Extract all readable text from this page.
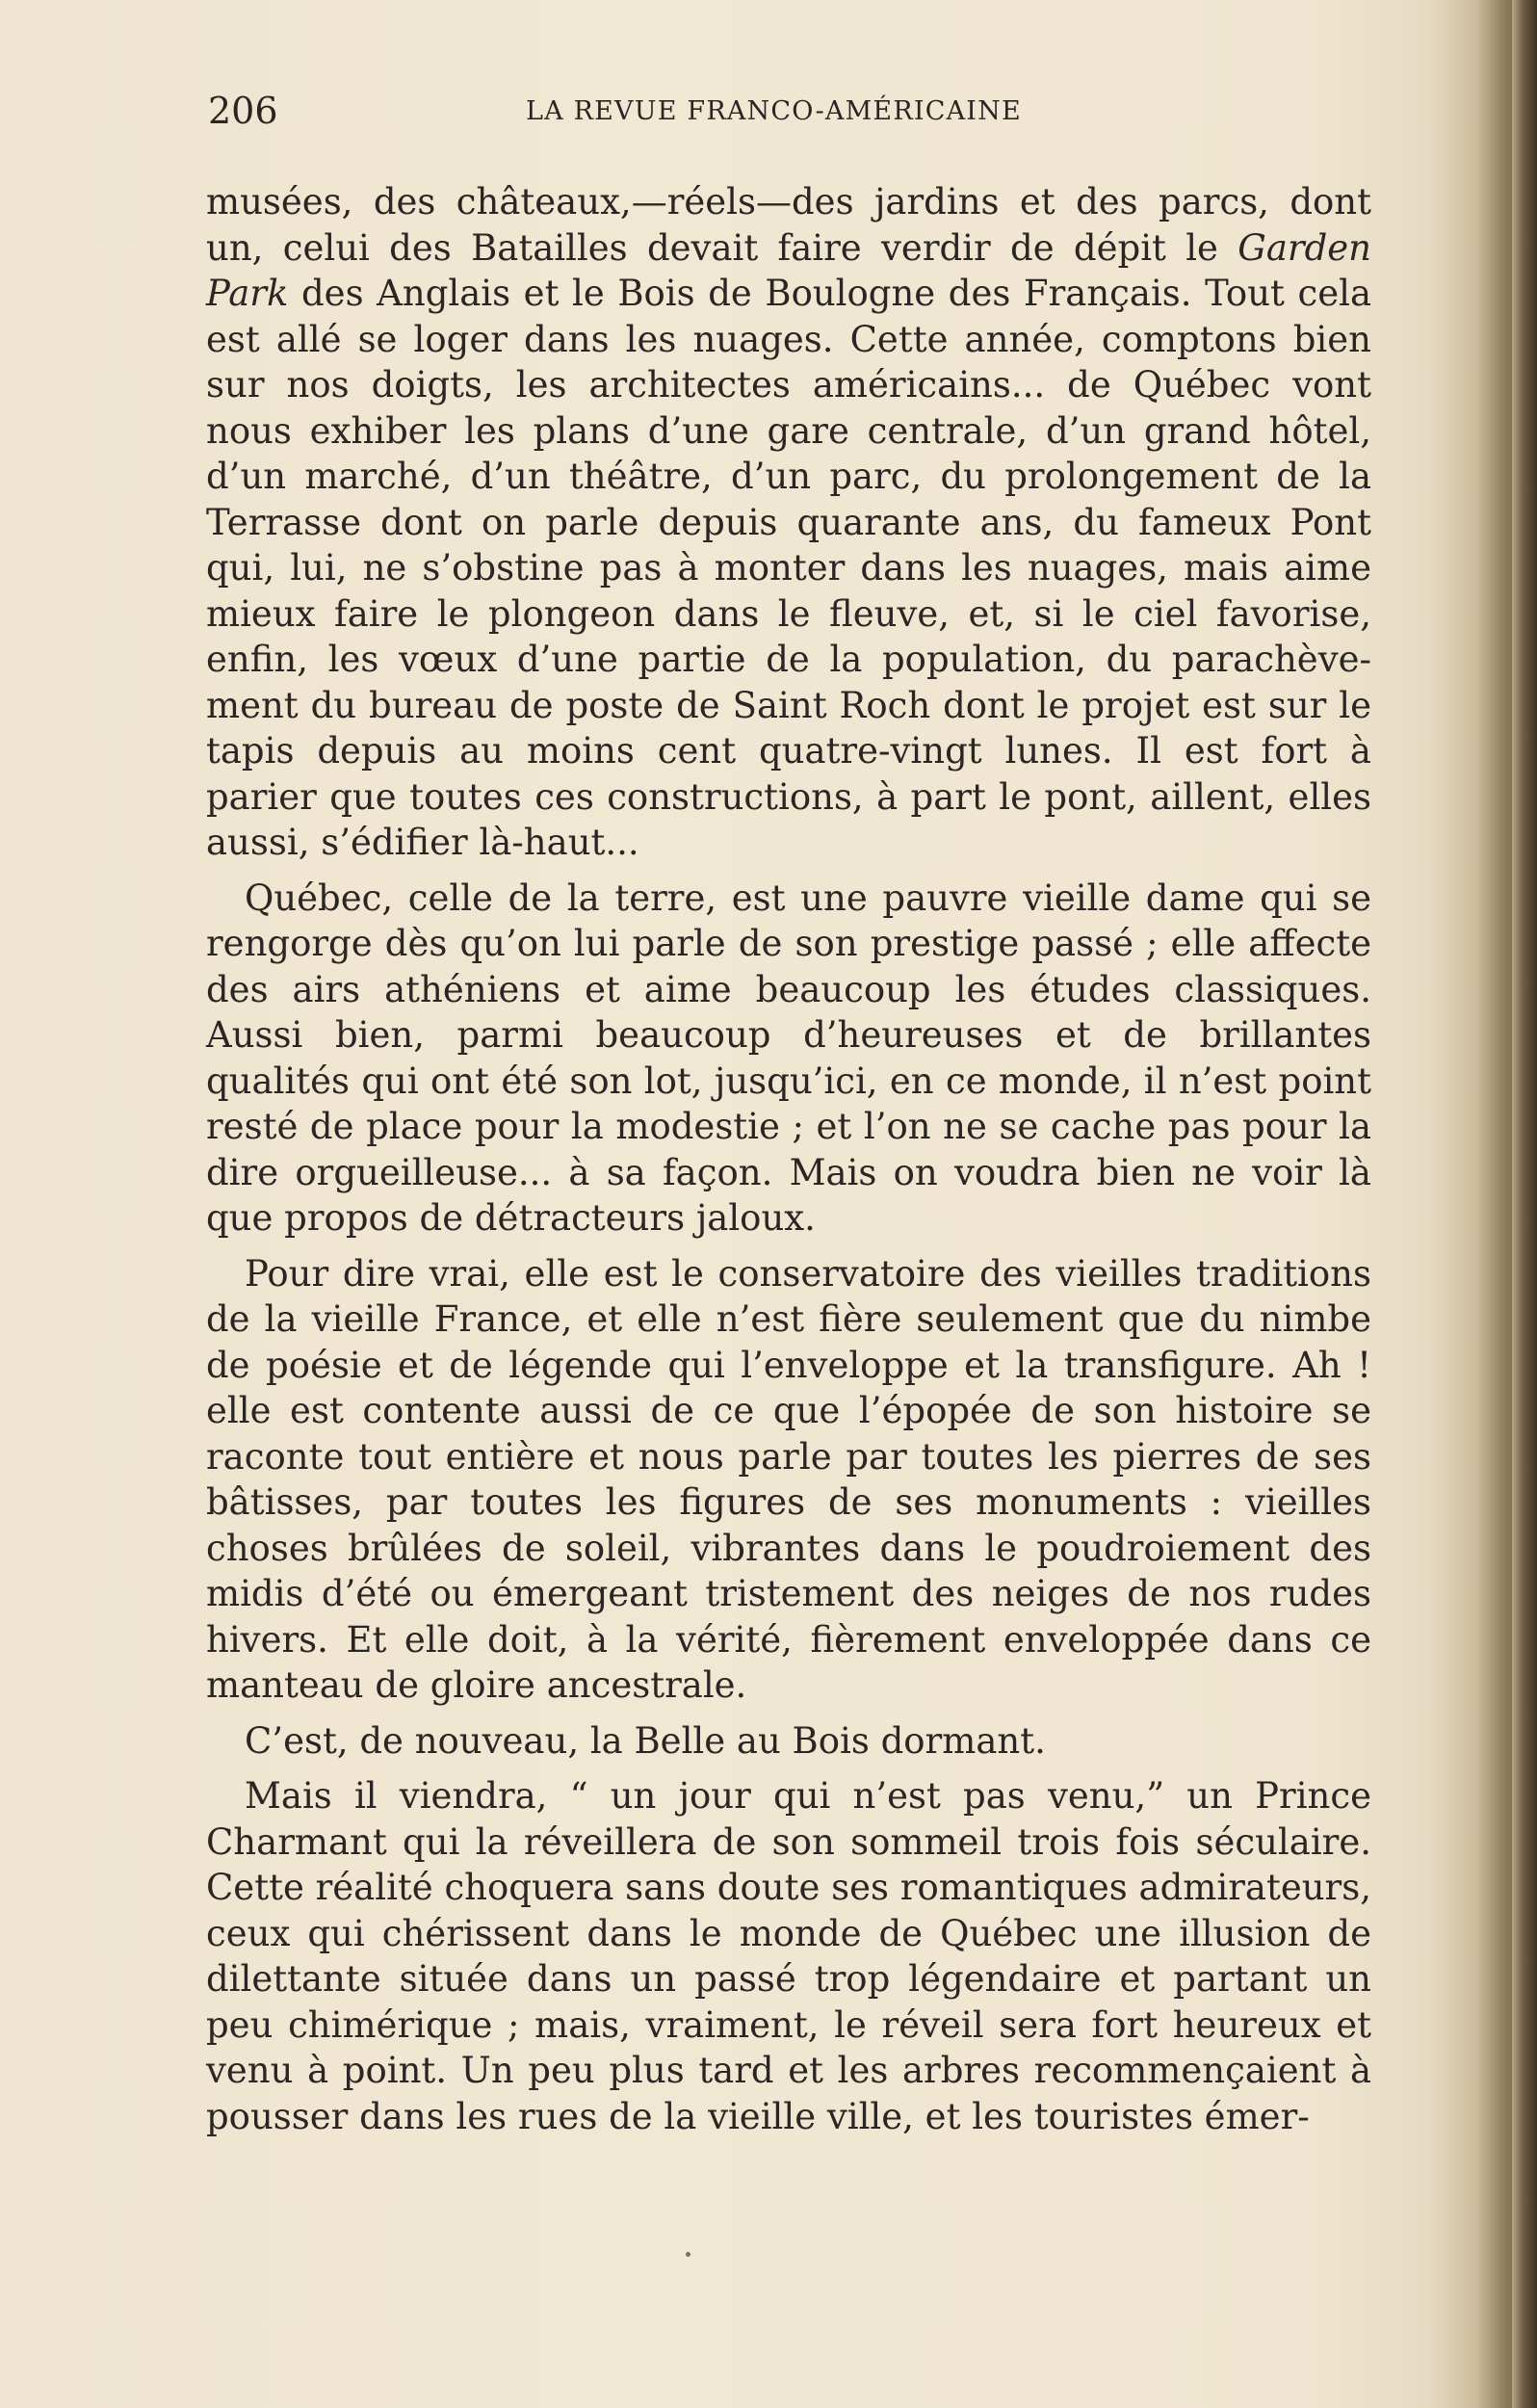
206	LA REVUE FRANCO-AMÉRICAINE

musées, des châteaux,—réels—des jardins et des parcs, dont un, celui des Batailles devait faire verdir de dépit le Garden Park des Anglais et le Bois de Boulogne des Français. Tout cela est allé se loger dans les nuages. Cette année, comptons bien sur nos doigts, les architectes américains... de Québec vont nous exhiber les plans d’une gare centrale, d’un grand hôtel, d’un marché, d’un théâtre, d’un parc, du prolongement de la Terrasse dont on parle depuis quarante ans, du fameux Pont qui, lui, ne s’obstine pas à monter dans les nuages, mais aime mieux faire le plongeon dans le fleuve, et, si le ciel favorise, enfin, les vœux d’une partie de la population, du parachève-ment du bureau de poste de Saint Roch dont le projet est sur le tapis depuis au moins cent quatre-vingt lunes. Il est fort à parier que toutes ces constructions, à part le pont, aillent, elles aussi, s’édifier là-haut...

Québec, celle de la terre, est une pauvre vieille dame qui se rengorge dès qu’on lui parle de son prestige passé ; elle affecte des airs athéniens et aime beaucoup les études classiques. Aussi bien, parmi beaucoup d’heureuses et de brillantes qualités qui ont été son lot, jusqu’ici, en ce monde, il n’est point resté de place pour la modestie ; et l’on ne se cache pas pour la dire orgueilleuse... à sa façon. Mais on voudra bien ne voir là que propos de détracteurs jaloux.

Pour dire vrai, elle est le conservatoire des vieilles traditions de la vieille France, et elle n’est fière seulement que du nimbe de poésie et de légende qui l’enveloppe et la transfigure. Ah ! elle est contente aussi de ce que l’épopée de son histoire se raconte tout entière et nous parle par toutes les pierres de ses bâtisses, par toutes les figures de ses monuments : vieilles choses brûlées de soleil, vibrantes dans le poudroiement des midis d’été ou émergeant tristement des neiges de nos rudes hivers. Et elle doit, à la vérité, fièrement enveloppée dans ce manteau de gloire ancestrale.

C’est, de nouveau, la Belle au Bois dormant.

Mais il viendra, “ un jour qui n’est pas venu,” un Prince Charmant qui la réveillera de son sommeil trois fois séculaire. Cette réalité choquera sans doute ses romantiques admirateurs, ceux qui chérissent dans le monde de Québec une illusion de dilettante située dans un passé trop légendaire et partant un peu chimérique ; mais, vraiment, le réveil sera fort heureux et venu à point. Un peu plus tard et les arbres recommençaient à pousser dans les rues de la vieille ville, et les touristes émer-
